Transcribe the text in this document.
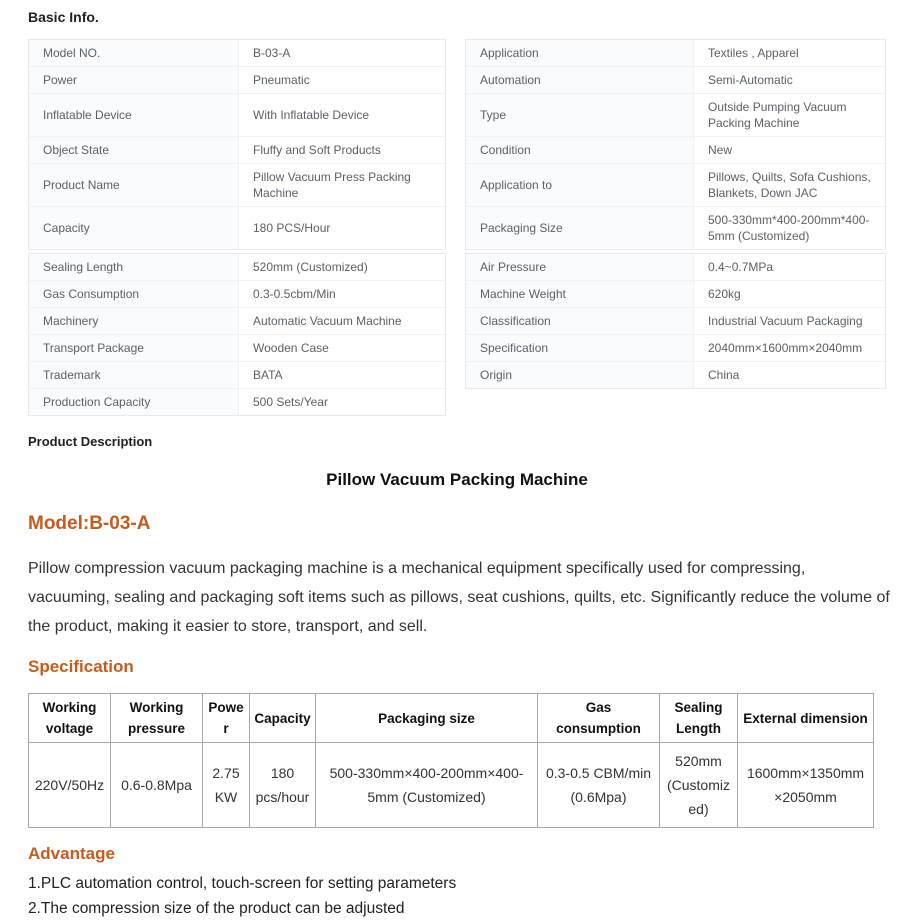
Basic Info.
Model NO.	B-03-A		Application	Textiles , Apparel
Power	Pneumatic		Automation	Semi-Automatic
Inflatable Device	With Inflatable Device		Type	Outside Pumping Vacuum Packing Machine
Object State	Fluffy and Soft Products		Condition	New
Product Name	Pillow Vacuum Press Packing Machine		Application to	Pillows, Quilts, Sofa Cushions, Blankets, Down JAC
Capacity	180 PCS/Hour		Packaging Size	500-330mm*400-200mm*400-5mm (Customized)
Sealing Length	520mm (Customized)		Air Pressure	0.4~0.7MPa
Gas Consumption	0.3-0.5cbm/Min		Machine Weight	620kg
Machinery	Automatic Vacuum Machine		Classification	Industrial Vacuum Packaging
Transport Package	Wooden Case		Specification	2040mm×1600mm×2040mm
Trademark	BATA		Origin	China
Production Capacity	500 Sets/Year			
Product Description
Pillow Vacuum Packing Machine
Model:B-03-A
Pillow compression vacuum packaging machine is a mechanical equipment specifically used for compressing, vacuuming, sealing and packaging soft items such as pillows, seat cushions, quilts, etc. Significantly reduce the volume of the product, making it easier to store, transport, and sell.
Specification
Working voltage	Working pressure	Power	Capacity	Packaging size	Gas consumption	Sealing Length	External dimension
220V/50Hz	0.6-0.8Mpa	2.75KW	180 pcs/hour	500-330mm×400-200mm×400-5mm (Customized)	0.3-0.5 CBM/min (0.6Mpa)	520mm (Customized)	1600mm×1350mm ×2050mm
Advantage
1.PLC automation control, touch-screen for setting parameters
2.The compression size of the product can be adjusted
